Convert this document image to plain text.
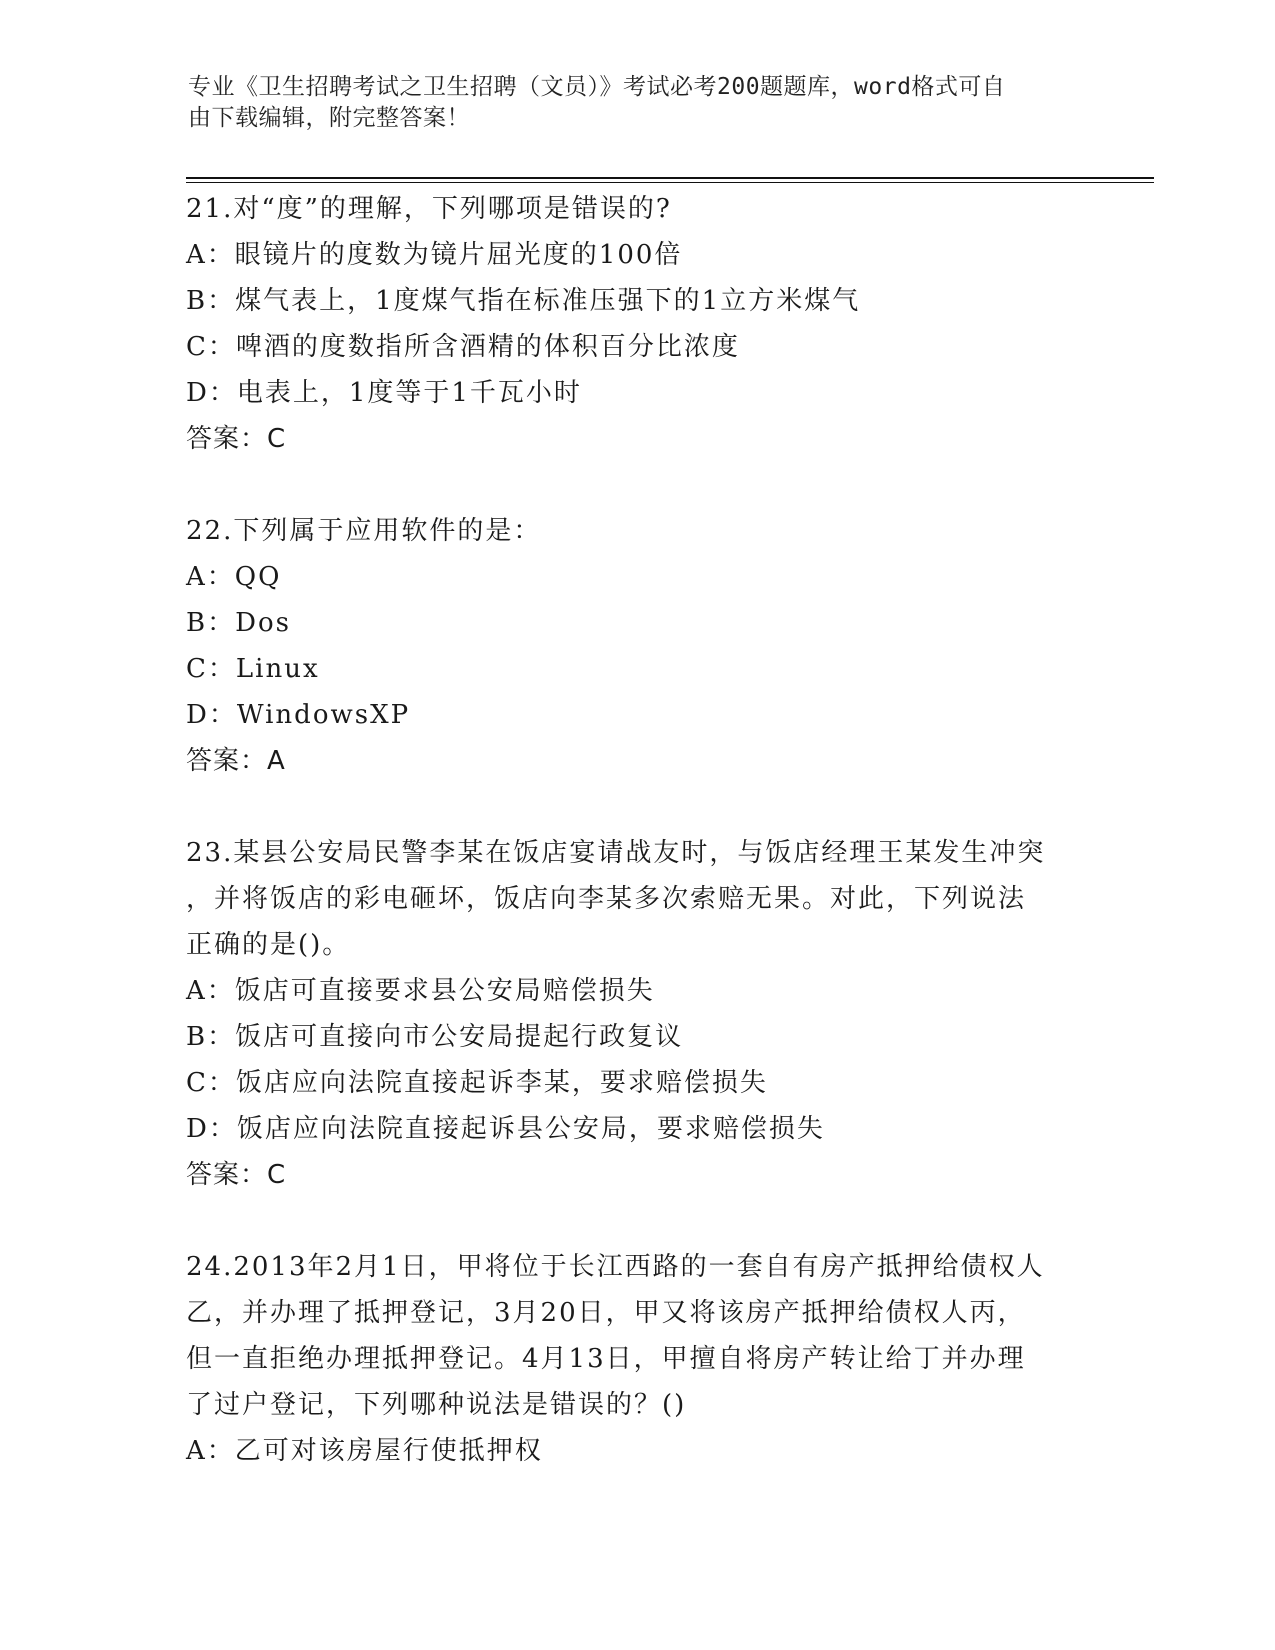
专业《卫生招聘考试之卫生招聘（文员）》考试必考200题题库，word格式可自
由下载编辑，附完整答案！
21.对“度”的理解，下列哪项是错误的?
A：眼镜片的度数为镜片屈光度的100倍
B：煤气表上，1度煤气指在标准压强下的1立方米煤气
C：啤酒的度数指所含酒精的体积百分比浓度
D：电表上，1度等于1千瓦小时
答案：C
22.下列属于应用软件的是：
A：QQ
B：Dos
C：Linux
D：WindowsXP
答案：A
23.某县公安局民警李某在饭店宴请战友时，与饭店经理王某发生冲突
，并将饭店的彩电砸坏，饭店向李某多次索赔无果。对此，下列说法
正确的是()。
A：饭店可直接要求县公安局赔偿损失
B：饭店可直接向市公安局提起行政复议
C：饭店应向法院直接起诉李某，要求赔偿损失
D：饭店应向法院直接起诉县公安局，要求赔偿损失
答案：C
24.2013年2月1日，甲将位于长江西路的一套自有房产抵押给债权人
乙，并办理了抵押登记，3月20日，甲又将该房产抵押给债权人丙，
但一直拒绝办理抵押登记。4月13日，甲擅自将房产转让给丁并办理
了过户登记，下列哪种说法是错误的？()
A：乙可对该房屋行使抵押权
